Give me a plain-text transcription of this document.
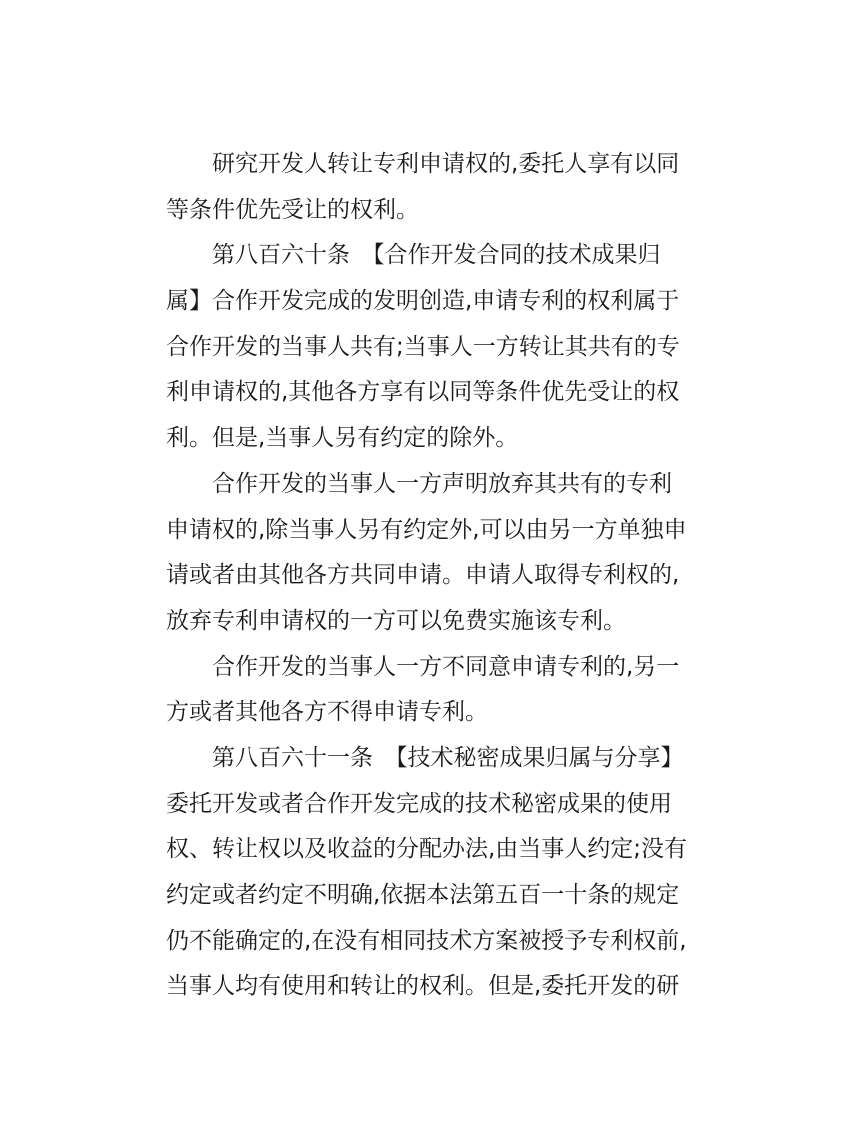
研究开发人转让专利申请权的,委托人享有以同
等条件优先受让的权利。
第八百六十条　【合作开发合同的技术成果归
属】合作开发完成的发明创造,申请专利的权利属于
合作开发的当事人共有;当事人一方转让其共有的专
利申请权的,其他各方享有以同等条件优先受让的权
利。但是,当事人另有约定的除外。
合作开发的当事人一方声明放弃其共有的专利
申请权的,除当事人另有约定外,可以由另一方单独申
请或者由其他各方共同申请。申请人取得专利权的,
放弃专利申请权的一方可以免费实施该专利。
合作开发的当事人一方不同意申请专利的,另一
方或者其他各方不得申请专利。
第八百六十一条　【技术秘密成果归属与分享】
委托开发或者合作开发完成的技术秘密成果的使用
权、转让权以及收益的分配办法,由当事人约定;没有
约定或者约定不明确,依据本法第五百一十条的规定
仍不能确定的,在没有相同技术方案被授予专利权前,
当事人均有使用和转让的权利。但是,委托开发的研
